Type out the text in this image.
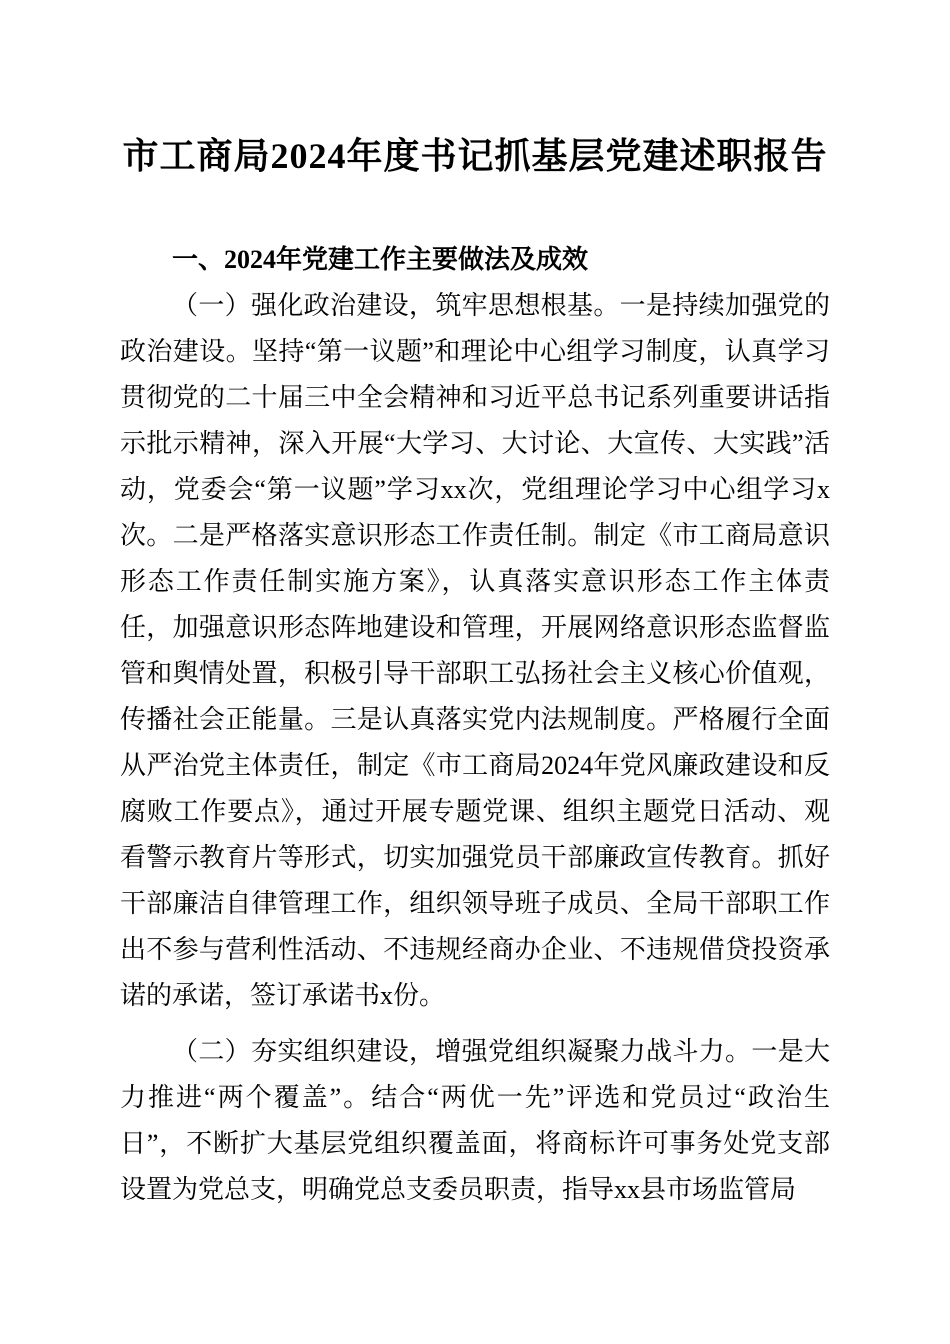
市工商局2024年度书记抓基层党建述职报告
一、2024年党建工作主要做法及成效

（一）强化政治建设，筑牢思想根基。一是持续加强党的政治建设。坚持“第一议题”和理论中心组学习制度，认真学习贯彻党的二十届三中全会精神和习近平总书记系列重要讲话指示批示精神，深入开展“大学习、大讨论、大宣传、大实践”活动，党委会“第一议题”学习xx次，党组理论学习中心组学习x次。二是严格落实意识形态工作责任制。制定《市工商局意识形态工作责任制实施方案》，认真落实意识形态工作主体责任，加强意识形态阵地建设和管理，开展网络意识形态监督监管和舆情处置，积极引导干部职工弘扬社会主义核心价值观，传播社会正能量。三是认真落实党内法规制度。严格履行全面从严治党主体责任，制定《市工商局2024年党风廉政建设和反腐败工作要点》，通过开展专题党课、组织主题党日活动、观看警示教育片等形式，切实加强党员干部廉政宣传教育。抓好干部廉洁自律管理工作，组织领导班子成员、全局干部职工作出不参与营利性活动、不违规经商办企业、不违规借贷投资承诺的承诺，签订承诺书x份。

（二）夯实组织建设，增强党组织凝聚力战斗力。一是大力推进“两个覆盖”。结合“两优一先”评选和党员过“政治生日”，不断扩大基层党组织覆盖面，将商标许可事务处党支部设置为党总支，明确党总支委员职责，指导xx县市场监管局
